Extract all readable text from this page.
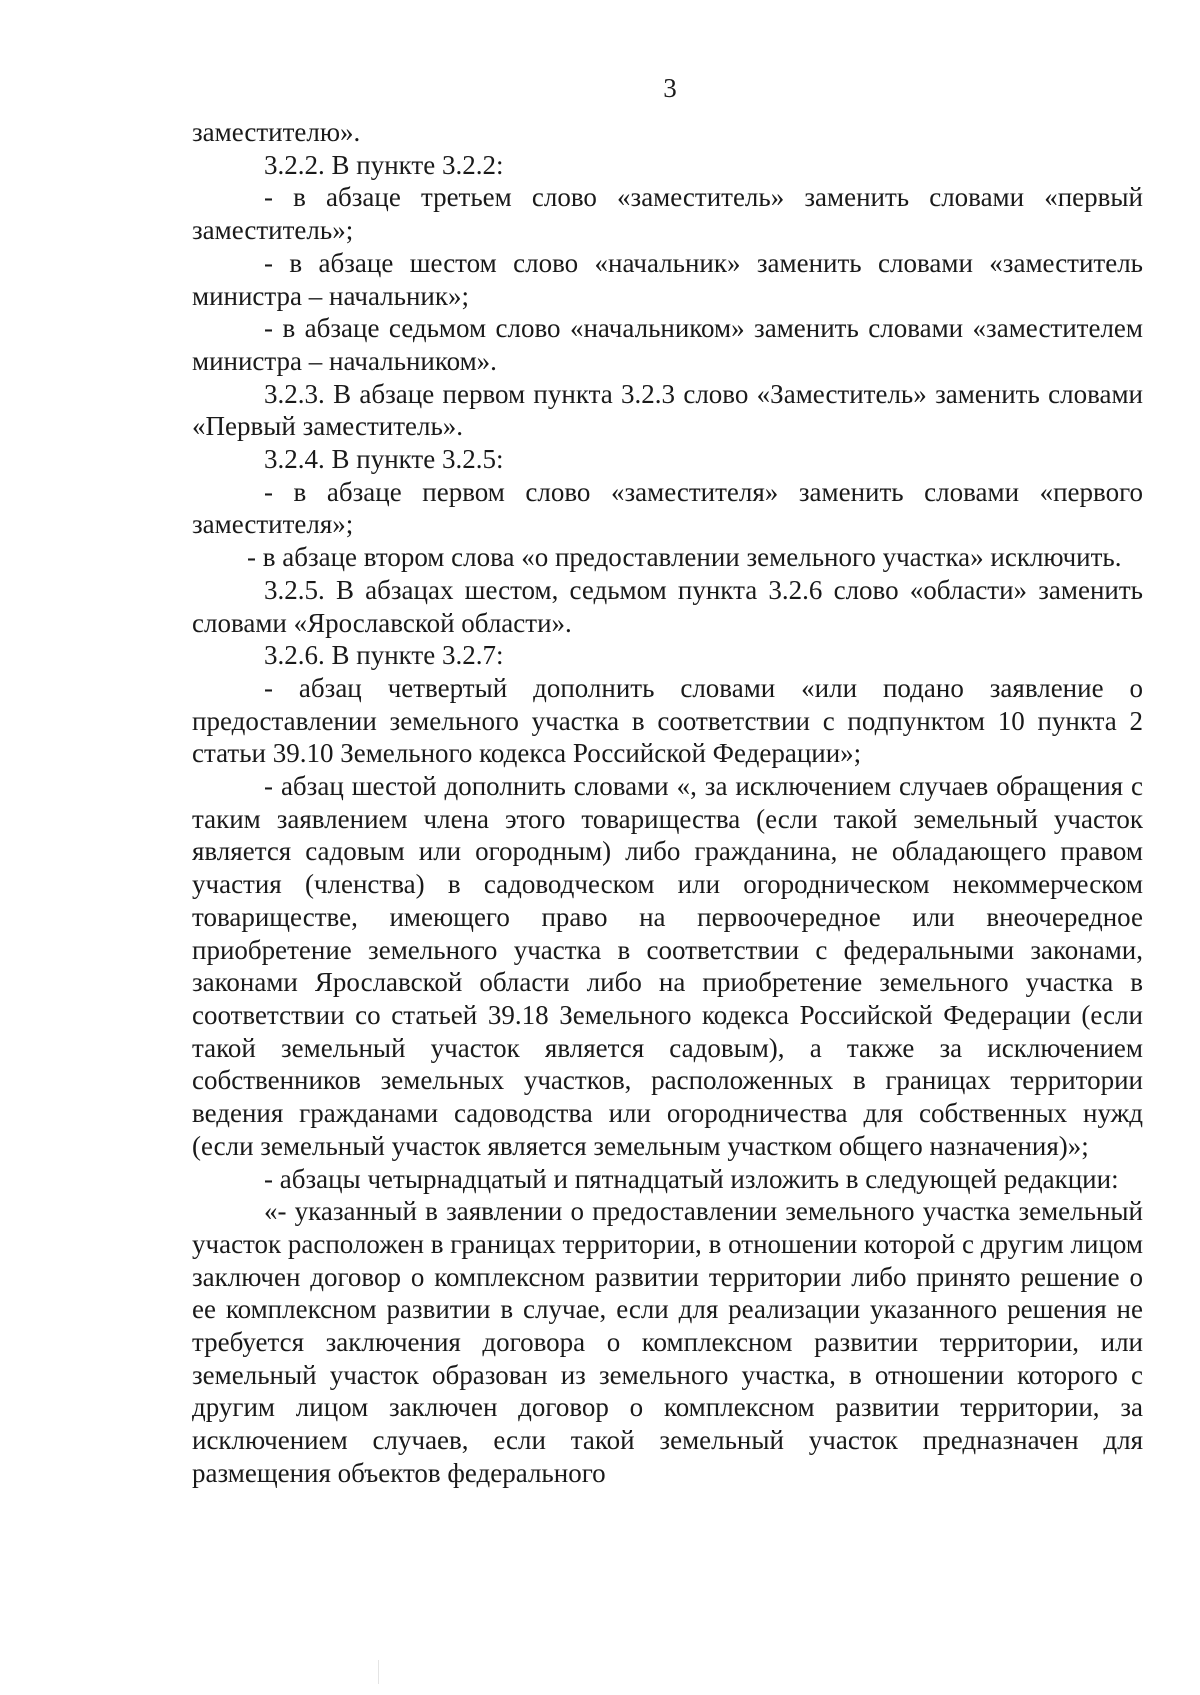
3

заместителю».

3.2.2. В пункте 3.2.2:

- в абзаце третьем слово «заместитель» заменить словами «первый заместитель»;

- в абзаце шестом слово «начальник» заменить словами «заместитель министра – начальник»;

- в абзаце седьмом слово «начальником» заменить словами «заместителем министра – начальником».

3.2.3. В абзаце первом пункта 3.2.3 слово «Заместитель» заменить словами «Первый заместитель».

3.2.4. В пункте 3.2.5:

- в абзаце первом слово «заместителя» заменить словами «первого заместителя»;

- в абзаце втором слова «о предоставлении земельного участка» исключить.

3.2.5. В абзацах шестом, седьмом пункта 3.2.6 слово «области» заменить словами «Ярославской области».

3.2.6. В пункте 3.2.7:

- абзац четвертый дополнить словами «или подано заявление о предоставлении земельного участка в соответствии с подпунктом 10 пункта 2 статьи 39.10 Земельного кодекса Российской Федерации»;

- абзац шестой дополнить словами «, за исключением случаев обращения с таким заявлением члена этого товарищества (если такой земельный участок является садовым или огородным) либо гражданина, не обладающего правом участия (членства) в садоводческом или огородническом некоммерческом товариществе, имеющего право на первоочередное или внеочередное приобретение земельного участка в соответствии с федеральными законами, законами Ярославской области либо на приобретение земельного участка в соответствии со статьей 39.18 Земельного кодекса Российской Федерации (если такой земельный участок является садовым), а также за исключением собственников земельных участков, расположенных в границах территории ведения гражданами садоводства или огородничества для собственных нужд (если земельный участок является земельным участком общего назначения)»;

- абзацы четырнадцатый и пятнадцатый изложить в следующей редакции:

«- указанный в заявлении о предоставлении земельного участка земельный участок расположен в границах территории, в отношении которой с другим лицом заключен договор о комплексном развитии территории либо принято решение о ее комплексном развитии в случае, если для реализации указанного решения не требуется заключения договора о комплексном развитии территории, или земельный участок образован из земельного участка, в отношении которого с другим лицом заключен договор о комплексном развитии территории, за исключением случаев, если такой земельный участок предназначен для размещения объектов федерального
